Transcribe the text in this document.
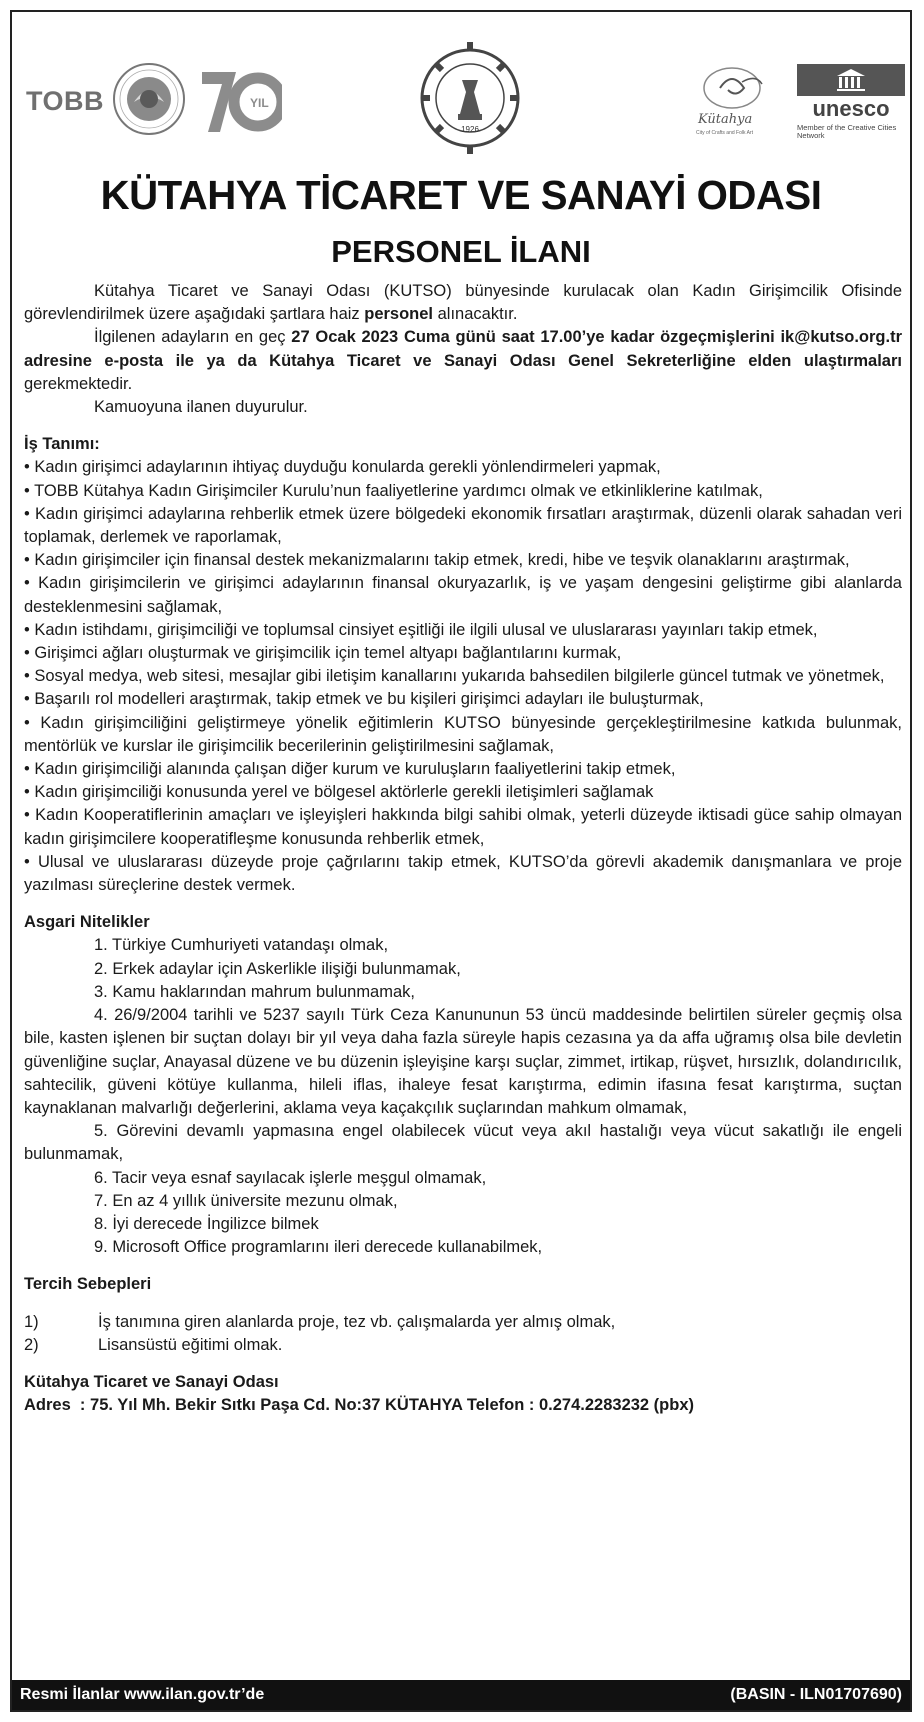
TOBB	YIL
1926
Kütahya
City of Crafts and Folk Art
unesco
Member of the Creative Cities Network
KÜTAHYA TİCARET VE SANAYİ ODASI
PERSONEL İLANI

Kütahya Ticaret ve Sanayi Odası (KUTSO) bünyesinde kurulacak olan Kadın Girişimcilik Ofisinde görevlendirilmek üzere aşağıdaki şartlara haiz personel alınacaktır.

İlgilenen adayların en geç 27 Ocak 2023 Cuma günü saat 17.00’ye kadar özgeçmişlerini ik@kutso.org.tr adresine e-posta ile ya da Kütahya Ticaret ve Sanayi Odası Genel Sekreterliğine elden ulaştırmaları gerekmektedir.

Kamuoyuna ilanen duyurulur.

İş Tanımı:

• Kadın girişimci adaylarının ihtiyaç duyduğu konularda gerekli yönlendirmeleri yapmak,

• TOBB Kütahya Kadın Girişimciler Kurulu’nun faaliyetlerine yardımcı olmak ve etkinliklerine katılmak,

• Kadın girişimci adaylarına rehberlik etmek üzere bölgedeki ekonomik fırsatları araştırmak, düzenli olarak sahadan veri toplamak, derlemek ve raporlamak,

• Kadın girişimciler için finansal destek mekanizmalarını takip etmek, kredi, hibe ve teşvik olanaklarını araştırmak,

• Kadın girişimcilerin ve girişimci adaylarının finansal okuryazarlık, iş ve yaşam dengesini geliştirme gibi alanlarda desteklenmesini sağlamak,

• Kadın istihdamı, girişimciliği ve toplumsal cinsiyet eşitliği ile ilgili ulusal ve uluslararası yayınları takip etmek,

• Girişimci ağları oluşturmak ve girişimcilik için temel altyapı bağlantılarını kurmak,

• Sosyal medya, web sitesi, mesajlar gibi iletişim kanallarını yukarıda bahsedilen bilgilerle güncel tutmak ve yönetmek,

• Başarılı rol modelleri araştırmak, takip etmek ve bu kişileri girişimci adayları ile buluşturmak,

• Kadın girişimciliğini geliştirmeye yönelik eğitimlerin KUTSO bünyesinde gerçekleştirilmesine katkıda bulunmak, mentörlük ve kurslar ile girişimcilik becerilerinin geliştirilmesini sağlamak,

• Kadın girişimciliği alanında çalışan diğer kurum ve kuruluşların faaliyetlerini takip etmek,

• Kadın girişimciliği konusunda yerel ve bölgesel aktörlerle gerekli iletişimleri sağlamak

• Kadın Kooperatiflerinin amaçları ve işleyişleri hakkında bilgi sahibi olmak, yeterli düzeyde iktisadi güce sahip olmayan kadın girişimcilere kooperatifleşme konusunda rehberlik etmek,

• Ulusal ve uluslararası düzeyde proje çağrılarını takip etmek, KUTSO’da görevli akademik danışmanlara ve proje yazılması süreçlerine destek vermek.

Asgari Nitelikler

1. Türkiye Cumhuriyeti vatandaşı olmak,

2. Erkek adaylar için Askerlikle ilişiği bulunmamak,

3. Kamu haklarından mahrum bulunmamak,

4. 26/9/2004 tarihli ve 5237 sayılı Türk Ceza Kanununun 53 üncü maddesinde belirtilen süreler geçmiş olsa bile, kasten işlenen bir suçtan dolayı bir yıl veya daha fazla süreyle hapis cezasına ya da affa uğramış olsa bile devletin güvenliğine suçlar, Anayasal düzene ve bu düzenin işleyişine karşı suçlar, zimmet, irtikap, rüşvet, hırsızlık, dolandırıcılık, sahtecilik, güveni kötüye kullanma, hileli iflas, ihaleye fesat karıştırma, edimin ifasına fesat karıştırma, suçtan kaynaklanan malvarlığı değerlerini, aklama veya kaçakçılık suçlarından mahkum olmamak,

5. Görevini devamlı yapmasına engel olabilecek vücut veya akıl hastalığı veya vücut sakatlığı ile engeli bulunmamak,

6. Tacir veya esnaf sayılacak işlerle meşgul olmamak,

7. En az 4 yıllık üniversite mezunu olmak,

8. İyi derecede İngilizce bilmek

9. Microsoft Office programlarını ileri derecede kullanabilmek,

Tercih Sebepleri

1)	İş tanımına giren alanlarda proje, tez vb. çalışmalarda yer almış olmak,
2)	Lisansüstü eğitimi olmak.

Kütahya Ticaret ve Sanayi Odası

Adres  : 75. Yıl Mh. Bekir Sıtkı Paşa Cd. No:37 KÜTAHYA Telefon : 0.274.2283232 (pbx)

Resmi İlanlar www.ilan.gov.tr’de	(BASIN - ILN01707690)
